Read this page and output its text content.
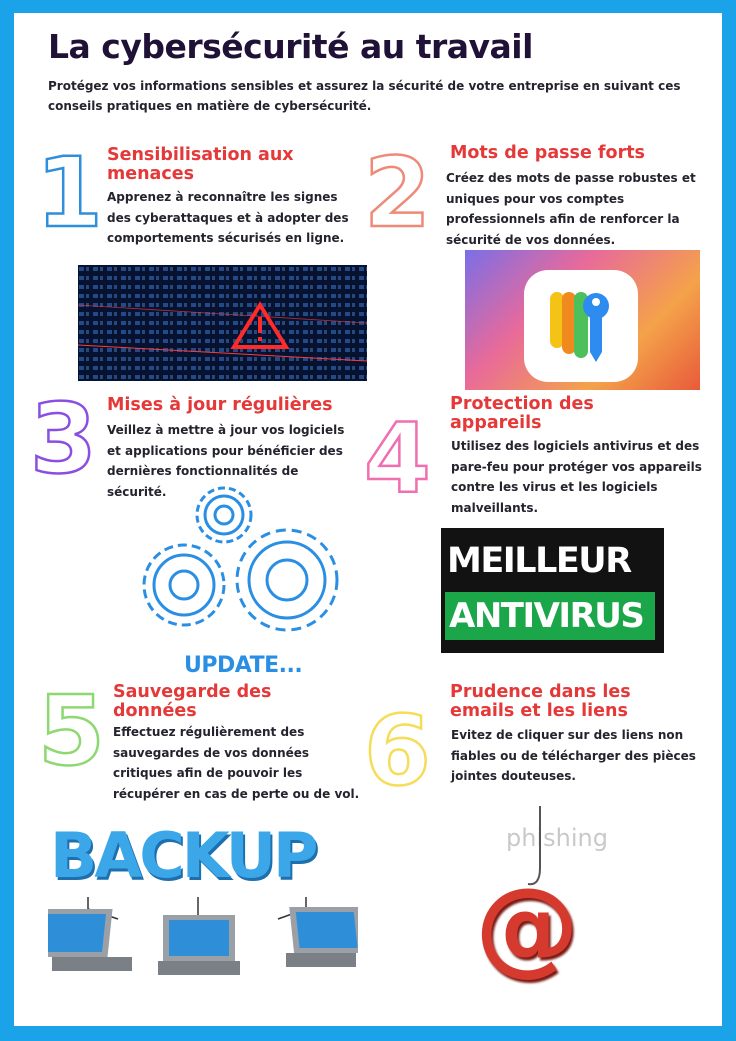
La cybersécurité au travail
Protégez vos informations sensibles et assurez la sécurité de votre entreprise en suivant ces conseils pratiques en matière de cybersécurité.
1 Sensibilisation aux menaces
Apprenez à reconnaître les signes des cyberattaques et à adopter des comportements sécurisés en ligne. 2 Mots de passe forts
Créez des mots de passe robustes et uniques pour vos comptes professionnels afin de renforcer la sécurité de vos données.
3 Mises à jour régulières
Veillez à mettre à jour vos logiciels et applications pour bénéficier des dernières fonctionnalités de sécurité.	4 Protection des appareils
Utilisez des logiciels antivirus et des pare-feu pour protéger vos appareils contre les virus et les logiciels malveillants.
UPDATE...
MEILLEUR
ANTIVIRUS
5 Sauvegarde des données
Effectuez régulièrement des sauvegardes de vos données critiques afin de pouvoir les récupérer en cas de perte ou de vol. 6
Prudence dans les emails et les liens
Evitez de cliquer sur des liens non fiables ou de télécharger des pièces jointes douteuses.
BACKUP	phishing
@
